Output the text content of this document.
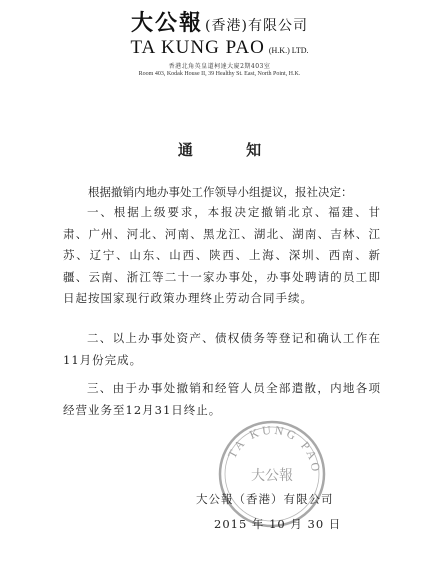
大公報 (香港)有限公司
TA KUNG PAO (H.K.) LTD.
香港北角英皇道柯達大廈2期403室
Room 403, Kodak House II, 39 Healthy St. East, North Point, H.K.
通 知
根据撤销内地办事处工作领导小组提议，报社决定：

一、根据上级要求，本报决定撤销北京、福建、甘肃、广州、河北、河南、黑龙江、湖北、湖南、吉林、江苏、辽宁、山东、山西、陕西、上海、深圳、西南、新疆、云南、浙江等二十一家办事处，办事处聘请的员工即日起按国家现行政策办理终止劳动合同手续。

二、以上办事处资产、债权债务等登记和确认工作在11月份完成。

三、由于办事处撤销和经管人员全部遣散，内地各项经营业务至12月31日终止。

TA KUNG PAO
大公報
大公報（香港）有限公司
2015 年 10 月 30 日
